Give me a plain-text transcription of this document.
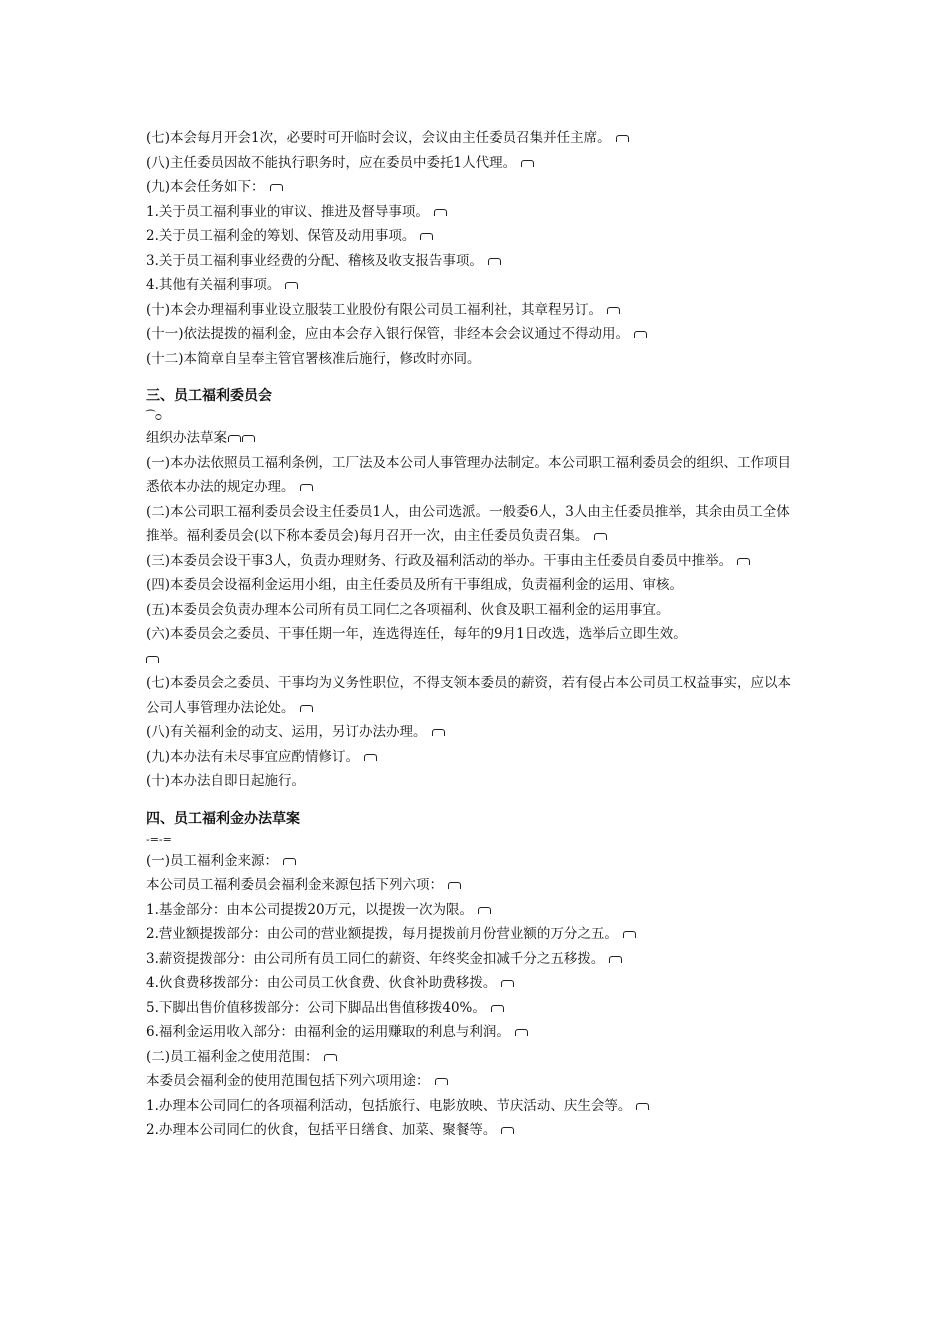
(七)本会每月开会1次，必要时可开临时会议，会议由主任委员召集并任主席。
(八)主任委员因故不能执行职务时，应在委员中委托1人代理。
(九)本会任务如下：
1.关于员工福利事业的审议、推进及督导事项。
2.关于员工福利金的筹划、保管及动用事项。
3.关于员工福利事业经费的分配、稽核及收支报告事项。
4.其他有关福利事项。
(十)本会办理福利事业设立服装工业股份有限公司员工福利社，其章程另订。
(十一)依法提拨的福利金，应由本会存入银行保管，非经本会会议通过不得动用。
(十二)本简章自呈奉主管官署核准后施行，修改时亦同。
三、员工福利委员会
⁀ᴑ
组织办法草案
(一)本办法依照员工福利条例，工厂法及本公司人事管理办法制定。本公司职工福利委员会的组织、工作项目悉依本办法的规定办理。
(二)本公司职工福利委员会设主任委员1人，由公司选派。一般委6人，3人由主任委员推举，其余由员工全体推举。福利委员会(以下称本委员会)每月召开一次，由主任委员负责召集。
(三)本委员会设干事3人，负责办理财务、行政及福利活动的举办。干事由主任委员自委员中推举。
(四)本委员会设福利金运用小组，由主任委员及所有干事组成，负责福利金的运用、审核。
(五)本委员会负责办理本公司所有员工同仁之各项福利、伙食及职工福利金的运用事宜。
(六)本委员会之委员、干事任期一年，连选得连任，每年的9月1日改选，选举后立即生效。

(七)本委员会之委员、干事均为义务性职位，不得支领本委员的薪资，若有侵占本公司员工权益事实，应以本公司人事管理办法论处。
(八)有关福利金的动支、运用，另订办法办理。
(九)本办法有未尽事宜应酌情修订。
(十)本办法自即日起施行。
四、员工福利金办法草案
-=-=
(一)员工福利金来源：
本公司员工福利委员会福利金来源包括下列六项：
1.基金部分：由本公司提拨20万元，以提拨一次为限。
2.营业额提拨部分：由公司的营业额提拨，每月提拨前月份营业额的万分之五。
3.薪资提拨部分：由公司所有员工同仁的薪资、年终奖金扣减千分之五移拨。
4.伙食费移拨部分：由公司员工伙食费、伙食补助费移拨。
5.下脚出售价值移拨部分：公司下脚品出售值移拨40%。
6.福利金运用收入部分：由福利金的运用赚取的利息与利润。
(二)员工福利金之使用范围：
本委员会福利金的使用范围包括下列六项用途：
1.办理本公司同仁的各项福利活动，包括旅行、电影放映、节庆活动、庆生会等。
2.办理本公司同仁的伙食，包括平日缮食、加菜、聚餐等。
